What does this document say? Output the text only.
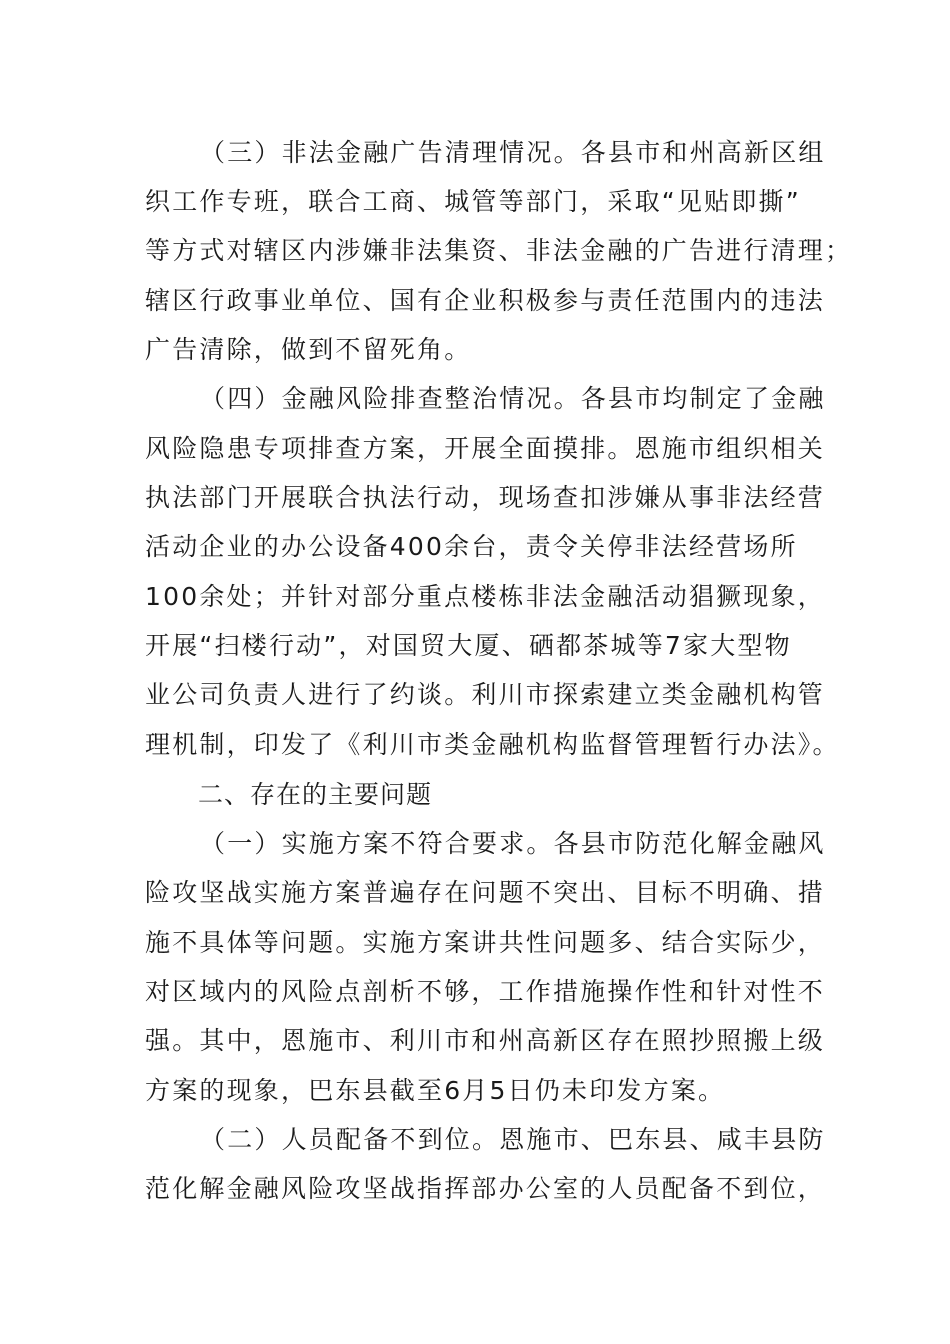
（三）非法金融广告清理情况。各县市和州高新区组
织工作专班，联合工商、城管等部门，采取“见贴即撕”
等方式对辖区内涉嫌非法集资、非法金融的广告进行清理；
辖区行政事业单位、国有企业积极参与责任范围内的违法
广告清除，做到不留死角。
（四）金融风险排查整治情况。各县市均制定了金融
风险隐患专项排查方案，开展全面摸排。恩施市组织相关
执法部门开展联合执法行动，现场查扣涉嫌从事非法经营
活动企业的办公设备400余台，责令关停非法经营场所
100余处；并针对部分重点楼栋非法金融活动猖獗现象，
开展“扫楼行动”，对国贸大厦、硒都茶城等7家大型物
业公司负责人进行了约谈。利川市探索建立类金融机构管
理机制，印发了《利川市类金融机构监督管理暂行办法》。
二、存在的主要问题
（一）实施方案不符合要求。各县市防范化解金融风
险攻坚战实施方案普遍存在问题不突出、目标不明确、措
施不具体等问题。实施方案讲共性问题多、结合实际少，
对区域内的风险点剖析不够，工作措施操作性和针对性不
强。其中，恩施市、利川市和州高新区存在照抄照搬上级
方案的现象，巴东县截至6月5日仍未印发方案。
（二）人员配备不到位。恩施市、巴东县、咸丰县防
范化解金融风险攻坚战指挥部办公室的人员配备不到位，
